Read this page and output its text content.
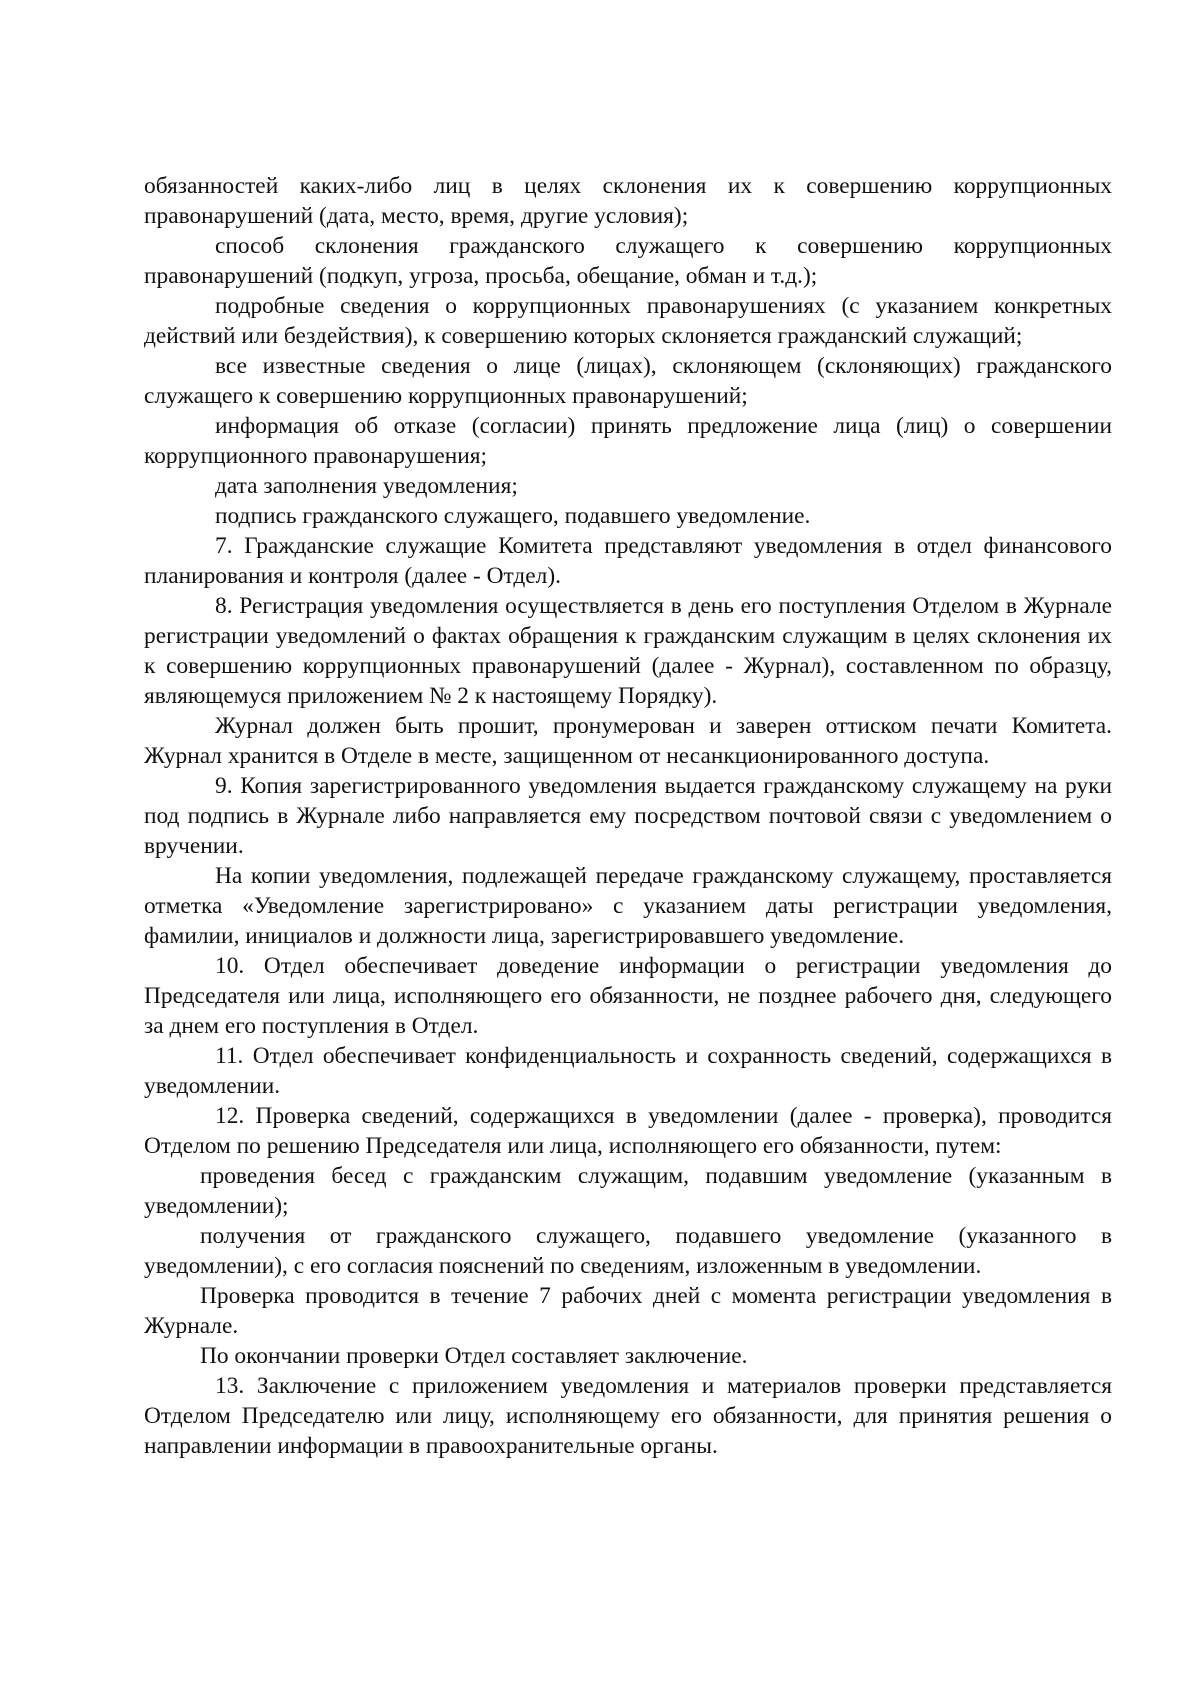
обязанностей каких-либо лиц в целях склонения их к совершению коррупционных правонарушений (дата, место, время, другие условия);

способ склонения гражданского служащего к совершению коррупционных правонарушений (подкуп, угроза, просьба, обещание, обман и т.д.);

подробные сведения о коррупционных правонарушениях (с указанием конкретных действий или бездействия), к совершению которых склоняется гражданский служащий;

все известные сведения о лице (лицах), склоняющем (склоняющих) гражданского служащего к совершению коррупционных правонарушений;

информация об отказе (согласии) принять предложение лица (лиц) о совершении коррупционного правонарушения;

дата заполнения уведомления;

подпись гражданского служащего, подавшего уведомление.

7. Гражданские служащие Комитета представляют уведомления в отдел финансового планирования и контроля (далее - Отдел).

8. Регистрация уведомления осуществляется в день его поступления Отделом в Журнале регистрации уведомлений о фактах обращения к гражданским служащим в целях склонения их к совершению коррупционных правонарушений (далее - Журнал), составленном по образцу, являющемуся приложением № 2 к настоящему Порядку).

Журнал должен быть прошит, пронумерован и заверен оттиском печати Комитета. Журнал хранится в Отделе в месте, защищенном от несанкционированного доступа.

9. Копия зарегистрированного уведомления выдается гражданскому служащему на руки под подпись в Журнале либо направляется ему посредством почтовой связи с уведомлением о вручении.

На копии уведомления, подлежащей передаче гражданскому служащему, проставляется отметка «Уведомление зарегистрировано» с указанием даты регистрации уведомления, фамилии, инициалов и должности лица, зарегистрировавшего уведомление.

10. Отдел обеспечивает доведение информации о регистрации уведомления до Председателя или лица, исполняющего его обязанности, не позднее рабочего дня, следующего за днем его поступления в Отдел.

11. Отдел обеспечивает конфиденциальность и сохранность сведений, содержащихся в уведомлении.

12. Проверка сведений, содержащихся в уведомлении (далее - проверка), проводится Отделом по решению Председателя или лица, исполняющего его обязанности, путем:

проведения бесед с гражданским служащим, подавшим уведомление (указанным в уведомлении);

получения от гражданского служащего, подавшего уведомление (указанного в уведомлении), с его согласия пояснений по сведениям, изложенным в уведомлении.

Проверка проводится в течение 7 рабочих дней с момента регистрации уведомления в Журнале.

По окончании проверки Отдел составляет заключение.

13. Заключение с приложением уведомления и материалов проверки представляется Отделом Председателю или лицу, исполняющему его обязанности, для принятия решения о направлении информации в правоохранительные органы.
